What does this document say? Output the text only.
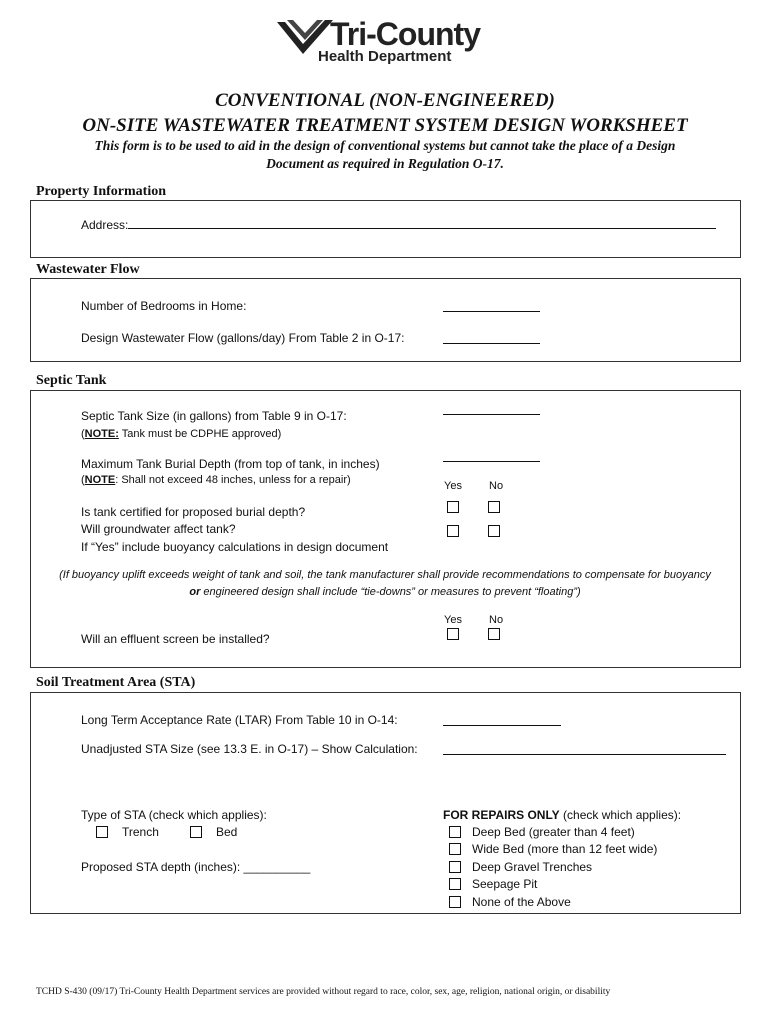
Tri-County
Health Department
CONVENTIONAL (NON-ENGINEERED)
ON-SITE WASTEWATER TREATMENT SYSTEM DESIGN WORKSHEET
This form is to be used to aid in the design of conventional systems but cannot take the place of a Design
Document as required in Regulation O-17.
Property Information
Address:
Wastewater Flow
Number of Bedrooms in Home:
Design Wastewater Flow (gallons/day) From Table 2 in O-17:
Septic Tank
Septic Tank Size (in gallons) from Table 9 in O-17:
(NOTE: Tank must be CDPHE approved)
Maximum Tank Burial Depth (from top of tank, in inches)
(NOTE: Shall not exceed 48 inches, unless for a repair)	Yes No
Is tank certified for proposed burial depth?
Will groundwater affect tank?
If “Yes” include buoyancy calculations in design document
(If buoyancy uplift exceeds weight of tank and soil, the tank manufacturer shall provide recommendations to compensate for buoyancy
or engineered design shall include “tie-downs” or measures to prevent “floating”)
Yes No
Will an effluent screen be installed?
Soil Treatment Area (STA)
Long Term Acceptance Rate (LTAR) From Table 10 in O-14:
Unadjusted STA Size (see 13.3 E. in O-17) – Show Calculation:
Type of STA (check which applies):
Trench	Bed
Proposed STA depth (inches): __________
FOR REPAIRS ONLY (check which applies):
Deep Bed (greater than 4 feet)
Wide Bed (more than 12 feet wide)
Deep Gravel Trenches
Seepage Pit
None of the Above
TCHD S-430 (09/17) Tri-County Health Department services are provided without regard to race, color, sex, age, religion, national origin, or disability
